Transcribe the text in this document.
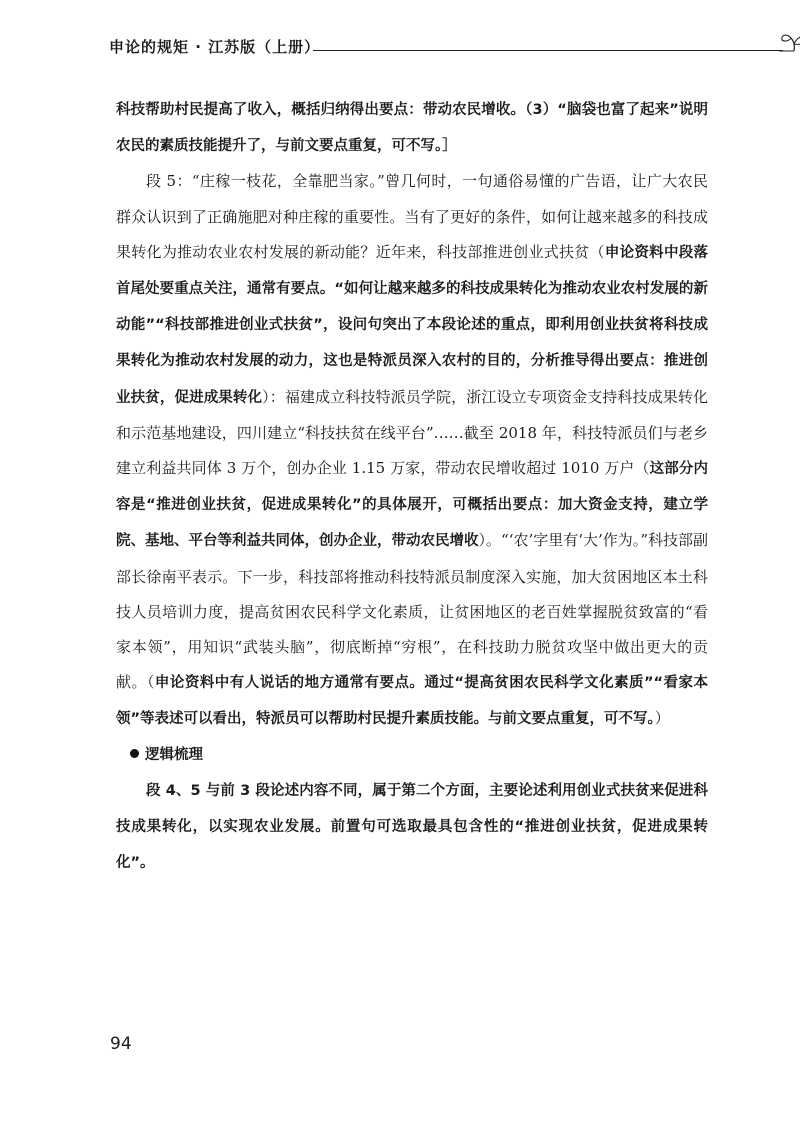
申论的规矩 · 江苏版（上册）

科技帮助村民提高了收入，概括归纳得出要点：带动农民增收。（3）“脑袋也富了起来”说明农民的素质技能提升了，与前文要点重复，可不写。］

段 5：“庄稼一枝花，全靠肥当家。”曾几何时，一句通俗易懂的广告语，让广大农民群众认识到了正确施肥对种庄稼的重要性。当有了更好的条件，如何让越来越多的科技成果转化为推动农业农村发展的新动能？近年来，科技部推进创业式扶贫（申论资料中段落首尾处要重点关注，通常有要点。“如何让越来越多的科技成果转化为推动农业农村发展的新动能”“科技部推进创业式扶贫”，设问句突出了本段论述的重点，即利用创业扶贫将科技成果转化为推动农村发展的动力，这也是特派员深入农村的目的，分析推导得出要点：推进创业扶贫，促进成果转化）：福建成立科技特派员学院，浙江设立专项资金支持科技成果转化和示范基地建设，四川建立“科技扶贫在线平台”……截至 2018 年，科技特派员们与老乡建立利益共同体 3 万个，创办企业 1.15 万家，带动农民增收超过 1010 万户（这部分内容是“推进创业扶贫，促进成果转化”的具体展开，可概括出要点：加大资金支持，建立学院、基地、平台等利益共同体，创办企业，带动农民增收）。“‘农’字里有‘大’作为。”科技部副部长徐南平表示。下一步，科技部将推动科技特派员制度深入实施，加大贫困地区本土科技人员培训力度，提高贫困农民科学文化素质，让贫困地区的老百姓掌握脱贫致富的“看家本领”，用知识“武装头脑”，彻底断掉“穷根”，在科技助力脱贫攻坚中做出更大的贡献。（申论资料中有人说话的地方通常有要点。通过“提高贫困农民科学文化素质”“看家本领”等表述可以看出，特派员可以帮助村民提升素质技能。与前文要点重复，可不写。）

逻辑梳理

段 4、5 与前 3 段论述内容不同，属于第二个方面，主要论述利用创业式扶贫来促进科技成果转化，以实现农业发展。前置句可选取最具包含性的“推进创业扶贫，促进成果转化”。

94
